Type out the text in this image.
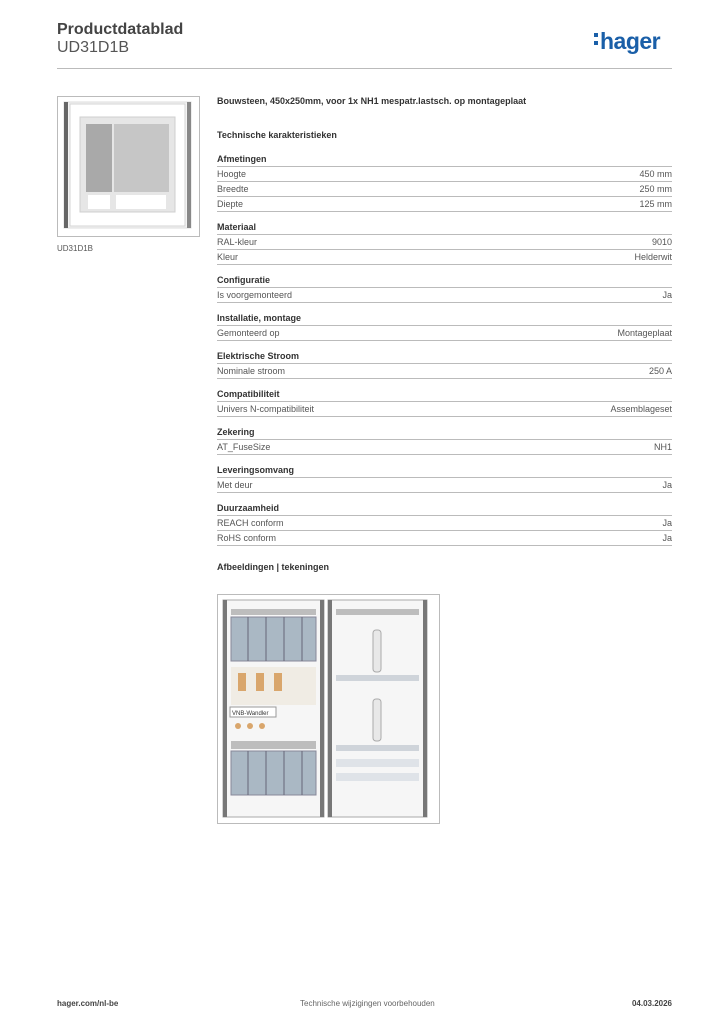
Productdatablad
UD31D1B	hager
UD31D1B
Bouwsteen, 450x250mm, voor 1x NH1 mespatr.lastsch. op montageplaat
Technische karakteristieken
Afmetingen
Hoogte	450 mm
Breedte	250 mm
Diepte	125 mm
Materiaal
RAL-kleur	9010
Kleur	Helderwit
Configuratie
Is voorgemonteerd	Ja
Installatie, montage
Gemonteerd op	Montageplaat
Elektrische Stroom
Nominale stroom	250 A
Compatibiliteit
Univers N-compatibiliteit	Assemblageset
Zekering
AT_FuseSize	NH1
Leveringsomvang
Met deur	Ja
Duurzaamheid
REACH conform	Ja
RoHS conform	Ja
Afbeeldingen | tekeningen
VNB-Wandler
hager.com/nl-be	Technische wijzigingen voorbehouden	04.03.2026
